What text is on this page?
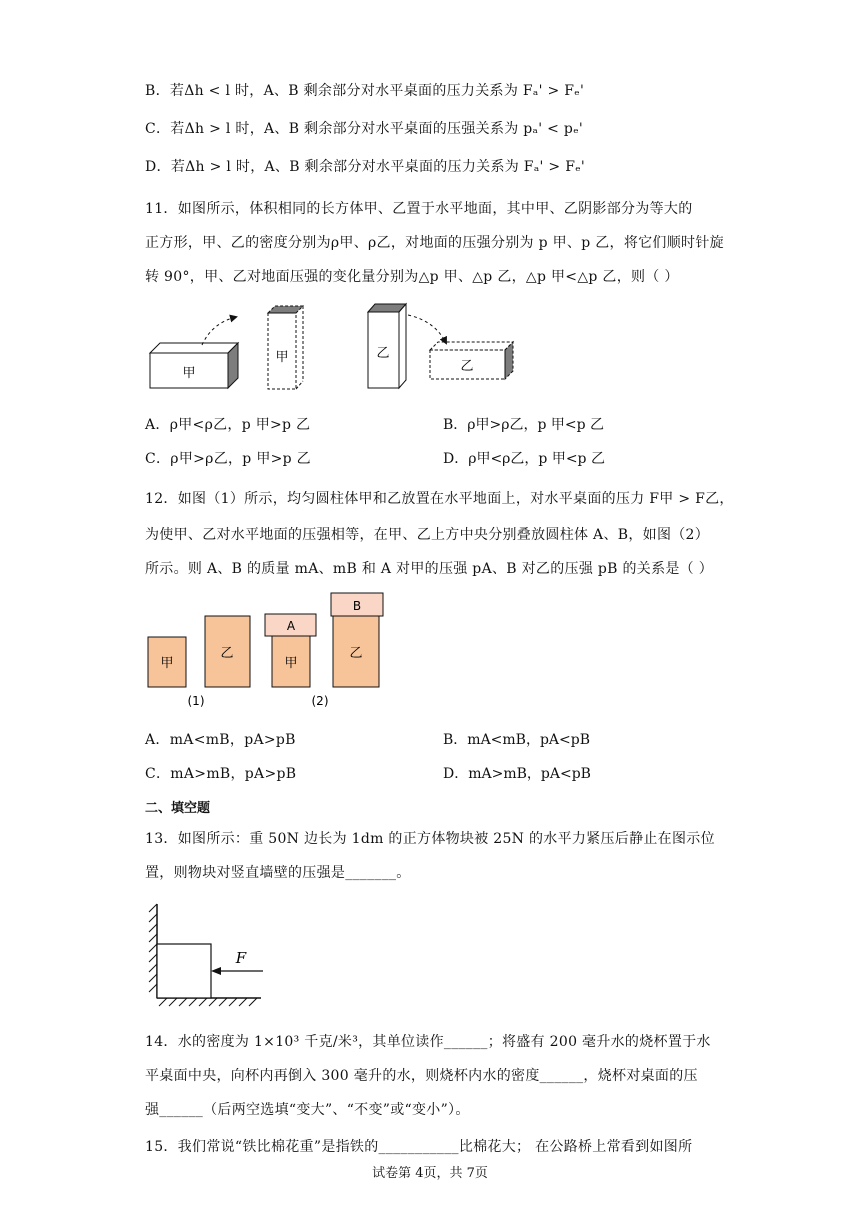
B．若Δh < l 时，A、B 剩余部分对水平桌面的压力关系为 Fₐ' > Fₑ'
C．若Δh > l 时，A、B 剩余部分对水平桌面的压强关系为 pₐ' < pₑ'
D．若Δh > l 时，A、B 剩余部分对水平桌面的压力关系为 Fₐ' > Fₑ'
11．如图所示，体积相同的长方体甲、乙置于水平地面，其中甲、乙阴影部分为等大的
正方形，甲、乙的密度分别为ρ甲、ρ乙，对地面的压强分别为 p 甲、p 乙，将它们顺时针旋
转 90°，甲、乙对地面压强的变化量分别为△p 甲、△p 乙，△p 甲<△p 乙，则（ ）
甲
甲	乙
乙
A．ρ甲<ρ乙，p 甲>p 乙	B．ρ甲>ρ乙，p 甲<p 乙
C．ρ甲>ρ乙，p 甲>p 乙	D．ρ甲<ρ乙，p 甲<p 乙
12．如图（1）所示，均匀圆柱体甲和乙放置在水平地面上，对水平桌面的压力 F甲 > F乙，
为使甲、乙对水平地面的压强相等，在甲、乙上方中央分别叠放圆柱体 A、B，如图（2）
所示。则 A、B 的质量 mA、mB 和 A 对甲的压强 pA、B 对乙的压强 pB 的关系是（ ）
甲
乙
(1)
A
甲
B
乙
(2)
A．mA<mB，pA>pB	B．mA<mB，pA<pB
C．mA>mB，pA>pB	D．mA>mB，pA<pB
二、填空题
13．如图所示：重 50N 边长为 1dm 的正方体物块被 25N 的水平力紧压后静止在图示位
置，则物块对竖直墙壁的压强是_______。
F
14．水的密度为 1×10³ 千克/米³，其单位读作______；将盛有 200 毫升水的烧杯置于水
平桌面中央，向杯内再倒入 300 毫升的水，则烧杯内水的密度______，烧杯对桌面的压
强______（后两空选填“变大”、“不变”或“变小”）。
15．我们常说“铁比棉花重”是指铁的___________比棉花大； 在公路桥上常看到如图所
试卷第 4页，共 7页
